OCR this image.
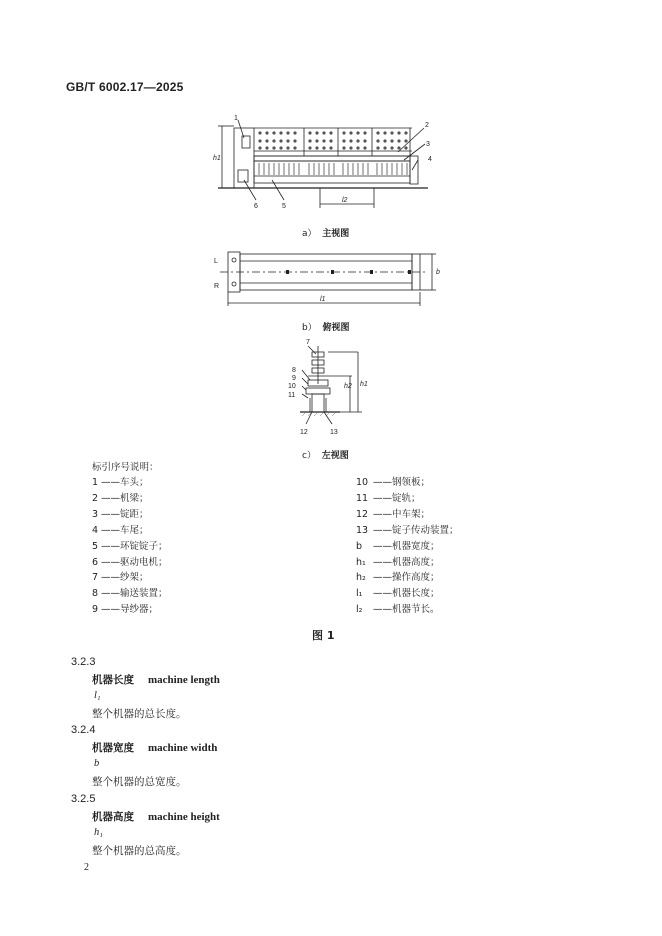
GB/T 6002.17—2025
1
2
3
4
5
6
h1
l2
a） 主视图
L
R
b
l1
b） 俯视图
7
8
9
10
11
12	13
h2 h1
c） 左视图
标引序号说明：
1 ——车头；
2 ——机梁；
3 ——锭距；
4 ——车尾；
5 ——环锭锭子；
6 ——驱动电机；
7 ——纱架；
8 ——输送装置；
9 ——导纱器；
10 ——钢领板；
11 ——锭轨；
12 ——中车架；
13 ——锭子传动装置；
b ——机器宽度；
h₁ ——机器高度；
h₂ ——操作高度；
l₁ ——机器长度；
l₂ ——机器节长。
图 1
3.2.3
机器长度 machine length
l₁
整个机器的总长度。
3.2.4
机器宽度 machine width
b
整个机器的总宽度。
3.2.5
机器高度 machine height
h₁
整个机器的总高度。
2
